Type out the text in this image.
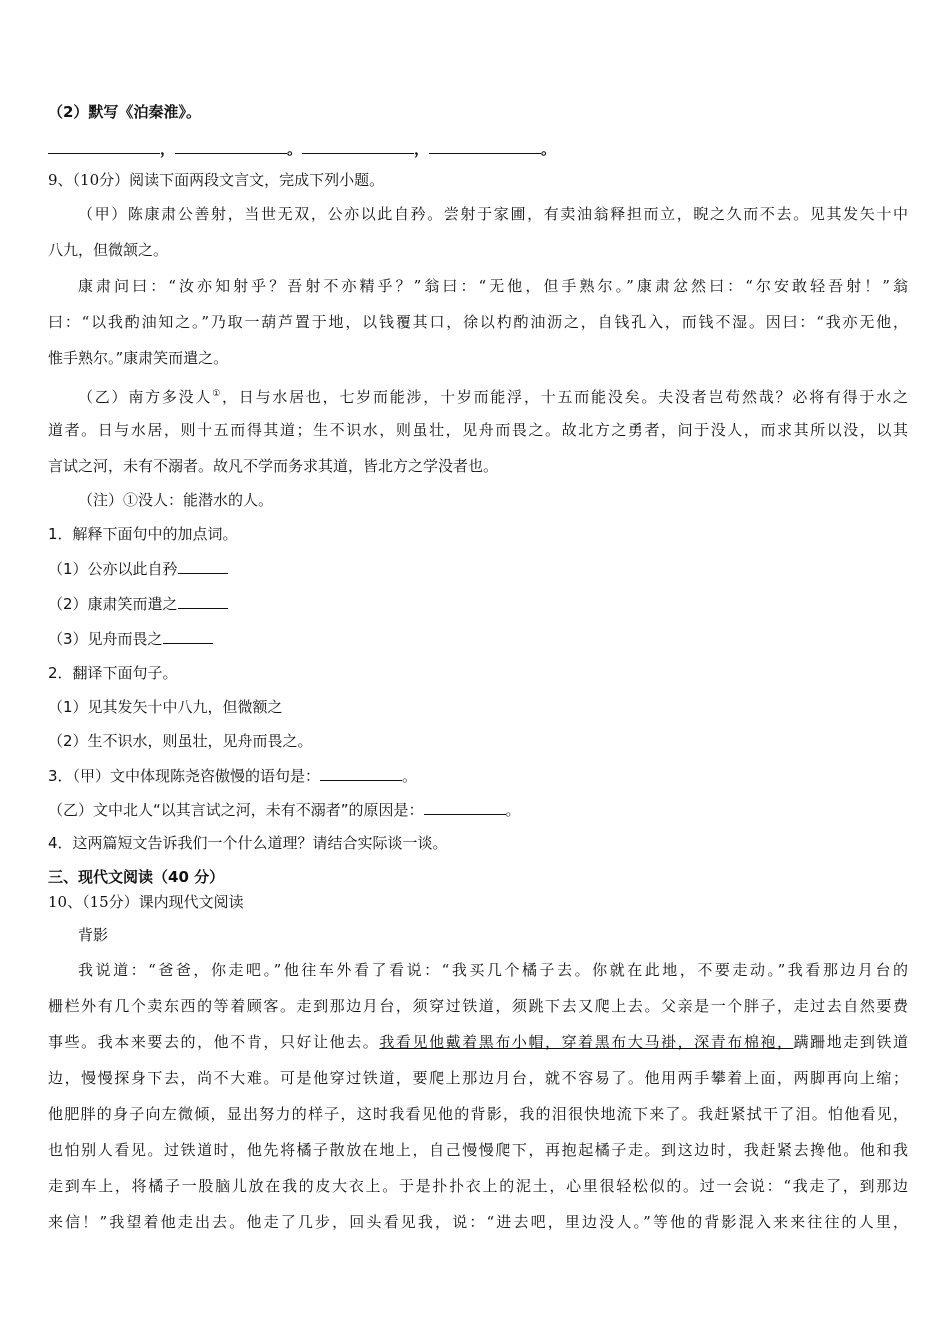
（2）默写《泊秦淮》。
，	。	，	。
9、（10分）阅读下面两段文言文，完成下列小题。
（甲）陈康肃公善射，当世无双，公亦以此自矜。尝射于家圃，有卖油翁释担而立，睨之久而不去。见其发矢十中
八九，但微颔之。
康肃问曰：“汝亦知射乎？吾射不亦精乎？”翁曰：“无他，但手熟尔。”康肃忿然曰：“尔安敢轻吾射！”翁
曰：“以我酌油知之。”乃取一葫芦置于地，以钱覆其口，徐以杓酌油沥之，自钱孔入，而钱不湿。因曰：“我亦无他，
惟手熟尔。”康肃笑而遣之。
（乙）南方多没人①，日与水居也，七岁而能涉，十岁而能浮，十五而能没矣。夫没者岂苟然哉？必将有得于水之
道者。日与水居，则十五而得其道；生不识水，则虽壮，见舟而畏之。故北方之勇者，问于没人，而求其所以没，以其
言试之河，未有不溺者。故凡不学而务求其道，皆北方之学没者也。
（注）①没人：能潜水的人。
1．解释下面句中的加点词。
（1）公亦以此自矜
（2）康肃笑而遣之
（3）见舟而畏之
2．翻译下面句子。
（1）见其发矢十中八九，但微额之
（2）生不识水，则虽壮，见舟而畏之。
3．（甲）文中体现陈尧咨傲慢的语句是：	。
（乙）文中北人“以其言试之河，未有不溺者”的原因是：	。
4．这两篇短文告诉我们一个什么道理？请结合实际谈一谈。
三、现代文阅读（40 分）
10、（15分）课内现代文阅读
背影
我说道：“爸爸，你走吧。”他往车外看了看说：“我买几个橘子去。你就在此地，不要走动。”我看那边月台的
栅栏外有几个卖东西的等着顾客。走到那边月台，须穿过铁道，须跳下去又爬上去。父亲是一个胖子，走过去自然要费
事些。我本来要去的，他不肯，只好让他去。我看见他戴着黑布小帽，穿着黑布大马褂，深青布棉袍，蹒跚地走到铁道
边，慢慢探身下去，尚不大难。可是他穿过铁道，要爬上那边月台，就不容易了。他用两手攀着上面，两脚再向上缩；
他肥胖的身子向左微倾，显出努力的样子，这时我看见他的背影，我的泪很快地流下来了。我赶紧拭干了泪。怕他看见，
也怕别人看见。过铁道时，他先将橘子散放在地上，自己慢慢爬下，再抱起橘子走。到这边时，我赶紧去搀他。他和我
走到车上，将橘子一股脑儿放在我的皮大衣上。于是扑扑衣上的泥土，心里很轻松似的。过一会说：“我走了，到那边
来信！”我望着他走出去。他走了几步，回头看见我，说：“进去吧，里边没人。”等他的背影混入来来往往的人里，
